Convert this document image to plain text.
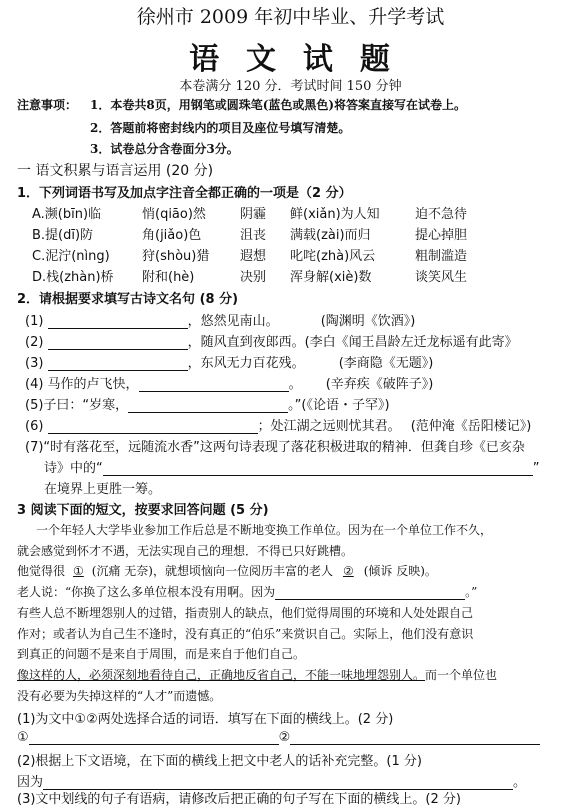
徐州市 2009 年初中毕业、升学考试
语  文  试  题
本卷满分 120 分．考试时间 150 分钟
注意事项： 1．本卷共8页，用钢笔或圆珠笔(蓝色或黑色)将答案直接写在试卷上。
2．答题前将密封线内的项目及座位号填写清楚。
3．试卷总分含卷面分3分。
一 语文积累与语言运用 (20 分)
1．下列词语书写及加点字注音全都正确的一项是（2 分）
A.濒(bīn)临	悄(qiāo)然	阴霾 鲜(xiǎn)为人知	迫不急待
B.提(dī)防	角(jiǎo)色	沮丧 满载(zài)而归	提心掉胆
C.泥泞(nìng) 狩(shòu)猎 遐想 叱咤(zhà)风云	粗制滥造
D.栈(zhàn)桥 附和(hè)	决别 浑身解(xiè)数	谈笑风生
2．请根据要求填写古诗文名句 (8 分)
(1)	，悠然见南山。	(陶渊明《饮酒》)
(2)	，随风直到夜郎西。(李白《闻王昌龄左迁龙标遥有此寄》
(3)	，东风无力百花残。	(李商隐《无题》)
(4) 马作的卢飞快，	。 (辛弃疾《破阵子》)
(5)子曰：“岁寒，	。”(《论语・子罕》)
(6)	；处江湖之远则忧其君。 (范仲淹《岳阳楼记》)
(7)“时有落花至，远随流水香”这两句诗表现了落花积极进取的精神．但龚自珍《已亥杂
诗》中的“	”
在境界上更胜一筹。
3 阅读下面的短文，按要求回答问题 (5 分)
一个年轻人大学毕业参加工作后总是不断地变换工作单位。因为在一个单位工作不久，
就会感觉到怀才不遇，无法实现自己的理想．不得已只好跳槽。
他觉得很 ① (沉痛 无奈)，就想顷恼向一位阅历丰富的老人 ② (倾诉 反映)。
老人说：“你换了这么多单位根本没有用啊。因为	。”
有些人总不断埋怨别人的过错，指责别人的缺点，他们觉得周围的环境和人处处跟自己
作对；或者认为自己生不逢时，没有真正的“伯乐”来赏识自己。实际上，他们没有意识
到真正的问题不是来自于周围，而是来自于他们自己。
像这样的人，必须深刻地看待自己，正确地反省自己，不能一味地埋怨别人。而一个单位也
没有必要为失掉这样的“人才”而遗憾。
(1)为文中①②两处选择合适的词语．填写在下面的横线上。(2 分)
①	②
(2)根据上下文语境，在下面的横线上把文中老人的话补充完整。(1 分)
因为	。
(3)文中划线的句子有语病，请修改后把正确的句子写在下面的横线上。(2 分)
